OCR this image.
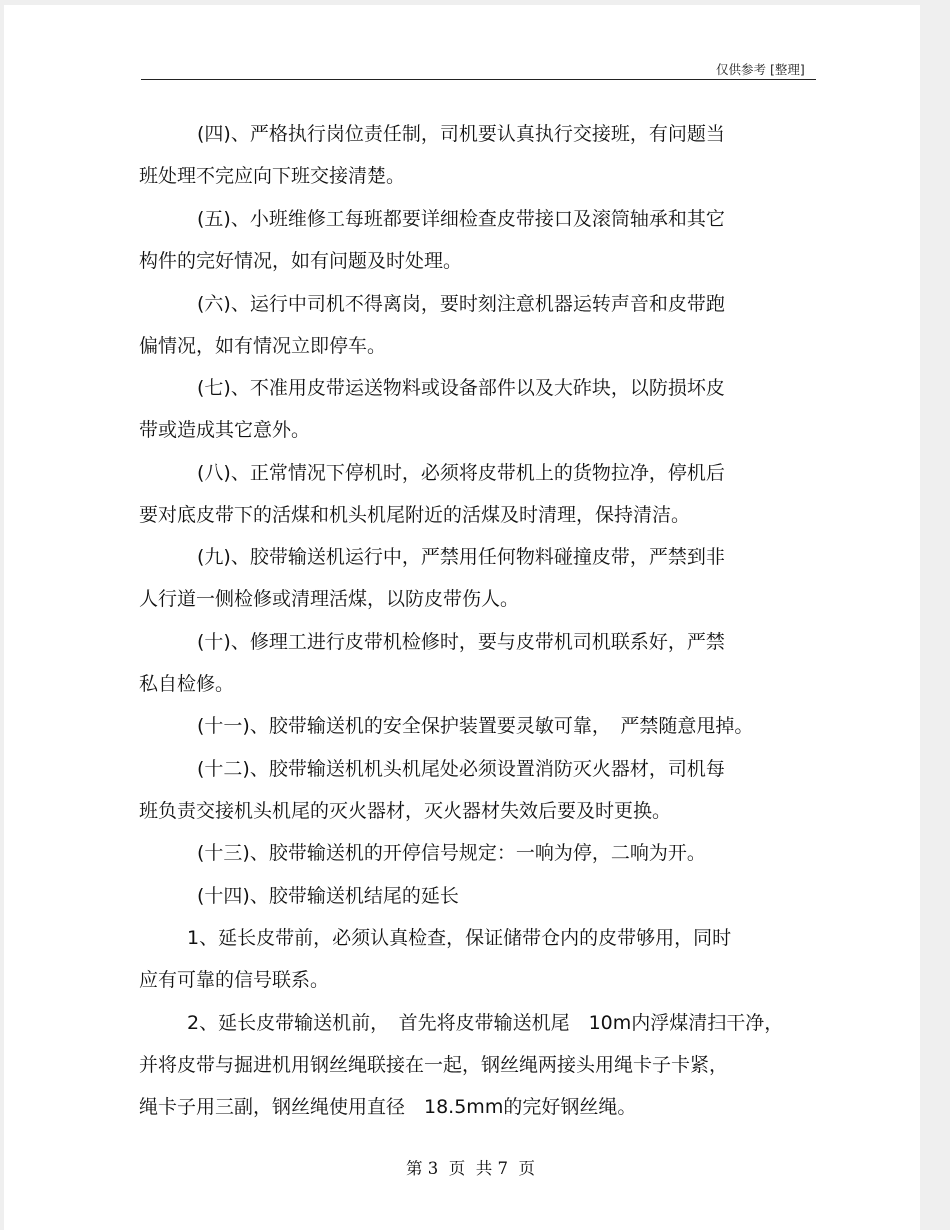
仅供参考 [整理]
(四)、严格执行岗位责任制，司机要认真执行交接班，有问题当
班处理不完应向下班交接清楚。
(五)、小班维修工每班都要详细检查皮带接口及滚筒轴承和其它
构件的完好情况，如有问题及时处理。
(六)、运行中司机不得离岗，要时刻注意机器运转声音和皮带跑
偏情况，如有情况立即停车。
(七)、不准用皮带运送物料或设备部件以及大砟块，以防损坏皮
带或造成其它意外。
(八)、正常情况下停机时，必须将皮带机上的货物拉净，停机后
要对底皮带下的活煤和机头机尾附近的活煤及时清理，保持清洁。
(九)、胶带输送机运行中，严禁用任何物料碰撞皮带，严禁到非
人行道一侧检修或清理活煤，以防皮带伤人。
(十)、修理工进行皮带机检修时，要与皮带机司机联系好，严禁
私自检修。
(十一)、胶带输送机的安全保护装置要灵敏可靠，　严禁随意甩掉。
(十二)、胶带输送机机头机尾处必须设置消防灭火器材，司机每
班负责交接机头机尾的灭火器材，灭火器材失效后要及时更换。
(十三)、胶带输送机的开停信号规定：一响为停，二响为开。
(十四)、胶带输送机结尾的延长
1、延长皮带前，必须认真检查，保证储带仓内的皮带够用，同时
应有可靠的信号联系。
2、延长皮带输送机前，　首先将皮带输送机尾　10m内浮煤清扫干净，
并将皮带与掘进机用钢丝绳联接在一起，钢丝绳两接头用绳卡子卡紧，
绳卡子用三副，钢丝绳使用直径　18.5mm的完好钢丝绳。
第 3  页  共 7  页
